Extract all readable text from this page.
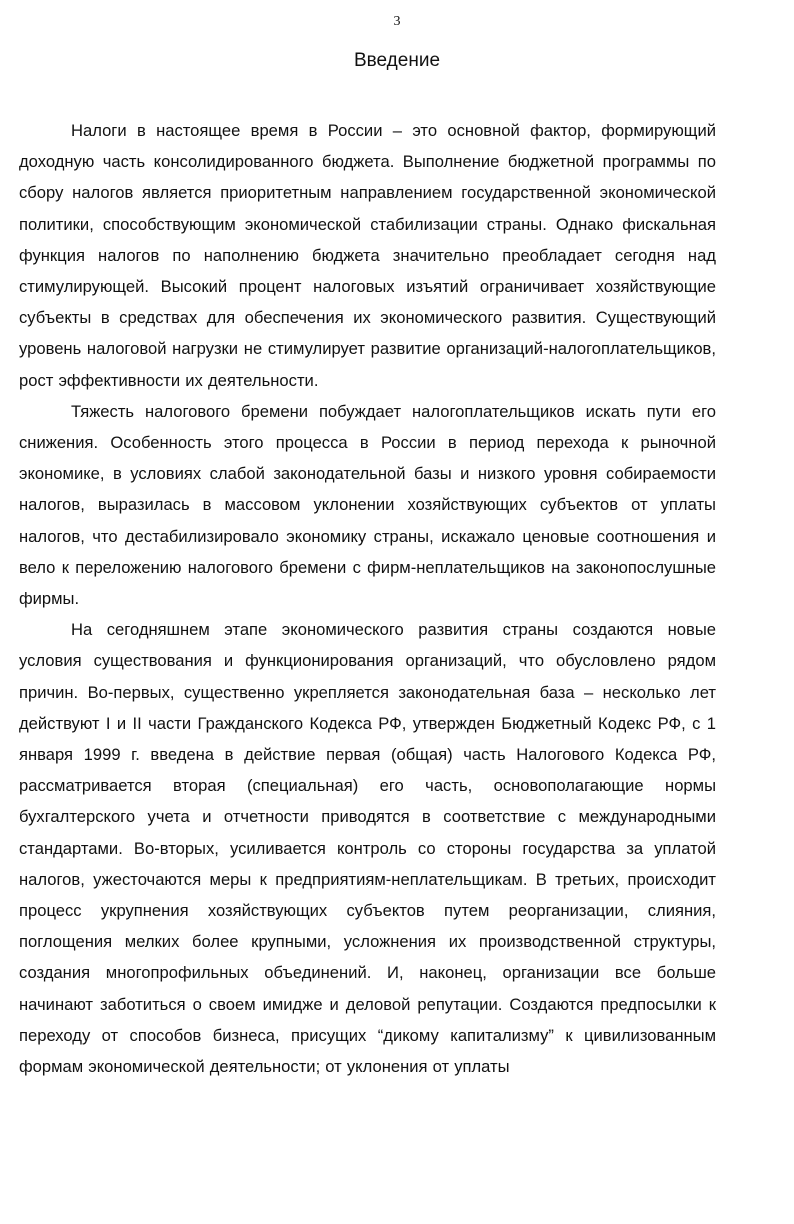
3
Введение

Налоги в настоящее время в России – это основной фактор, формирующий доходную часть консолидированного бюджета. Выполнение бюджетной программы по сбору налогов является приоритетным направлением государственной экономической политики, способствующим экономической стабилизации страны. Однако фискальная функция налогов по наполнению бюджета значительно преобладает сегодня над стимулирующей. Высокий процент налоговых изъятий ограничивает хозяйствующие субъекты в средствах для обеспечения их экономического развития. Существующий уровень налоговой нагрузки не стимулирует развитие организаций-налогоплательщиков, рост эффективности их деятельности.

Тяжесть налогового бремени побуждает налогоплательщиков искать пути его снижения. Особенность этого процесса в России в период перехода к рыночной экономике, в условиях слабой законодательной базы и низкого уровня собираемости налогов, выразилась в массовом уклонении хозяйствующих субъектов от уплаты налогов, что дестабилизировало экономику страны, искажало ценовые соотношения и вело к переложению налогового бремени с фирм-неплательщиков на законопослушные фирмы.

На сегодняшнем этапе экономического развития страны создаются новые условия существования и функционирования организаций, что обусловлено рядом причин. Во-первых, существенно укрепляется законодательная база – несколько лет действуют I и II части Гражданского Кодекса РФ, утвержден Бюджетный Кодекс РФ, с 1 января 1999 г. введена в действие первая (общая) часть Налогового Кодекса РФ, рассматривается вторая (специальная) его часть, основополагающие нормы бухгалтерского учета и отчетности приводятся в соответствие с международными стандартами. Во-вторых, усиливается контроль со стороны государства за уплатой налогов, ужесточаются меры к предприятиям-неплательщикам. В третьих, происходит процесс укрупнения хозяйствующих субъектов путем реорганизации, слияния, поглощения мелких более крупными, усложнения их производственной структуры, создания многопрофильных объединений. И, наконец, организации все больше начинают заботиться о своем имидже и деловой репутации. Создаются предпосылки к переходу от способов бизнеса, присущих “дикому капитализму” к цивилизованным формам экономической деятельности; от уклонения от уплаты
